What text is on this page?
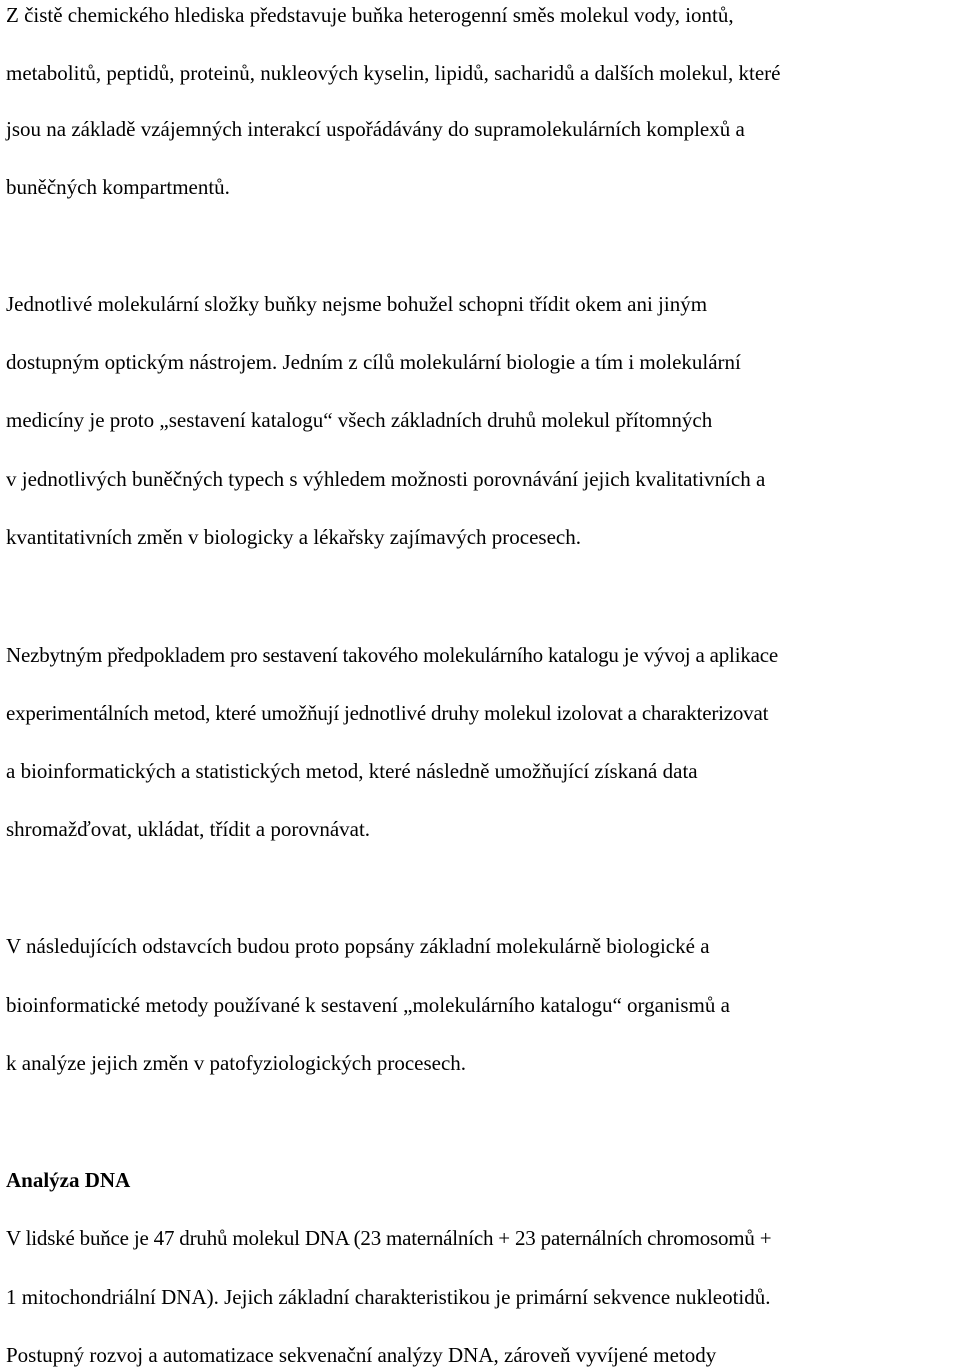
Z čistě chemického hlediska představuje buňka heterogenní směs molekul vody, iontů,
metabolitů, peptidů, proteinů, nukleových kyselin, lipidů, sacharidů a dalších molekul, které
jsou na základě vzájemných interakcí uspořádávány do supramolekulárních komplexů a
buněčných kompartmentů.
Jednotlivé molekulární složky buňky nejsme bohužel schopni třídit okem ani jiným
dostupným optickým nástrojem. Jedním z cílů molekulární biologie a tím i molekulární
medicíny je proto „sestavení katalogu“ všech základních druhů molekul přítomných
v jednotlivých buněčných typech s výhledem možnosti porovnávání jejich kvalitativních a
kvantitativních změn v biologicky a lékařsky zajímavých procesech.
Nezbytným předpokladem pro sestavení takového molekulárního katalogu je vývoj a aplikace
experimentálních metod, které umožňují jednotlivé druhy molekul izolovat a charakterizovat
a bioinformatických a statistických metod, které následně umožňující získaná data
shromažďovat, ukládat, třídit a porovnávat.
V následujících odstavcích budou proto popsány základní molekulárně biologické a
bioinformatické metody používané k sestavení „molekulárního katalogu“ organismů a
k analýze jejich změn v patofyziologických procesech.
Analýza DNA
V lidské buňce je 47 druhů molekul DNA (23 maternálních + 23 paternálních chromosomů +
1 mitochondriální DNA). Jejich základní charakteristikou je primární sekvence nukleotidů.
Postupný rozvoj a automatizace sekvenační analýzy DNA, zároveň vyvíjené metody
